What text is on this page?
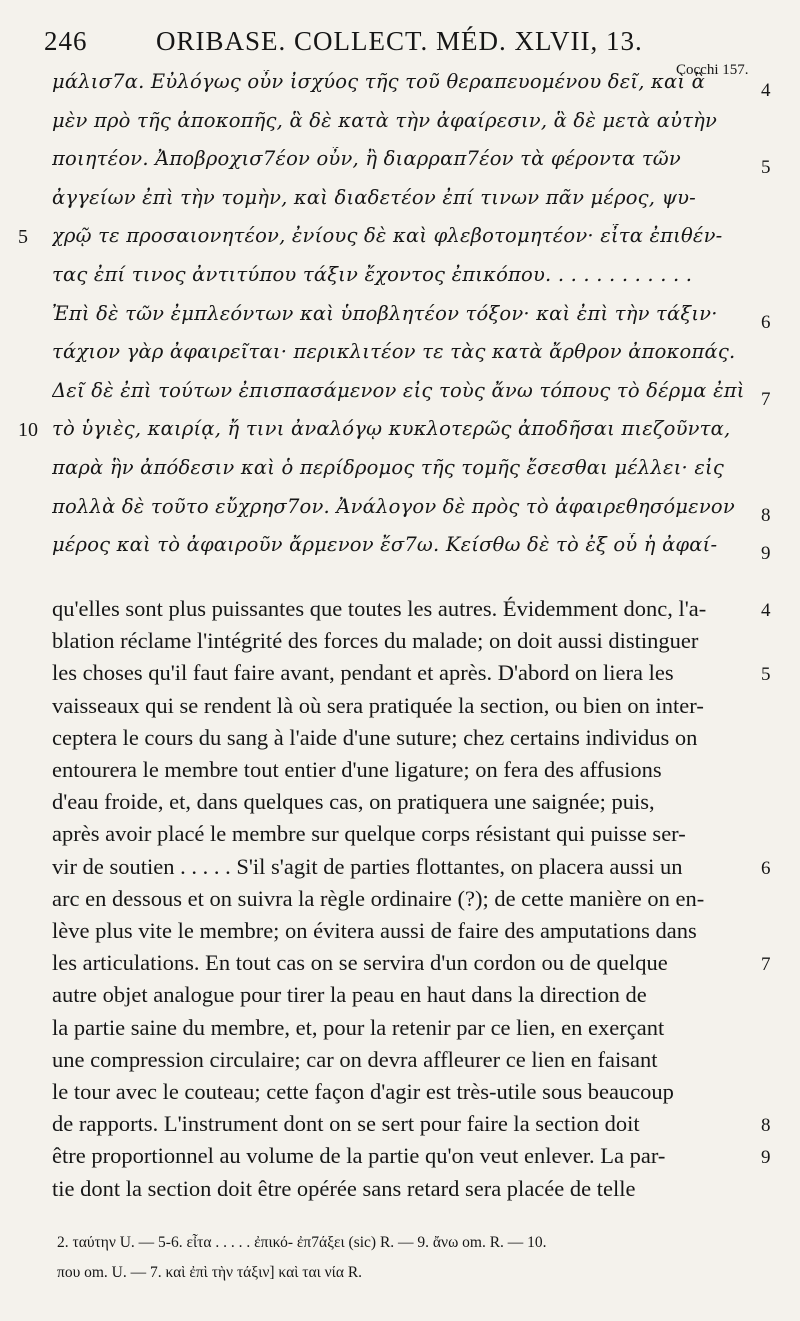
246	ORIBASE. COLLECT. MÉD. XLVII, 13.
Cocchi 157.
μάλισ7α. Εὐλόγως οὖν ἰσχύος τῆς τοῦ θεραπευομένου δεῖ, καὶ ἃ
μὲν πρὸ τῆς ἀποκοπῆς, ἃ δὲ κατὰ τὴν ἀφαίρεσιν, ἃ δὲ μετὰ αὐτὴν
ποιητέον. Ἀποβροχισ7έον οὖν, ἢ διαρραπ7έον τὰ φέροντα τῶν
ἀγγείων ἐπὶ τὴν τομὴν, καὶ διαδετέον ἐπί τινων πᾶν μέρος, ψυ-
χρῷ τε προσαιονητέον, ἐνίους δὲ καὶ φλεβοτομητέον· εἶτα ἐπιθέν-
τας ἐπί τινος ἀντιτύπου τάξιν ἔχοντος ἐπικόπου. . . . . . . . . . . .
Ἐπὶ δὲ τῶν ἐμπλεόντων καὶ ὑποβλητέον τόξον· καὶ ἐπὶ τὴν τάξιν·
τάχιον γὰρ ἀφαιρεῖται· περικλιτέον τε τὰς κατὰ ἄρθρον ἀποκοπάς.
Δεῖ δὲ ἐπὶ τούτων ἐπισπασάμενον εἰς τοὺς ἄνω τόπους τὸ δέρμα ἐπὶ
τὸ ὑγιὲς, καιρίᾳ, ἤ τινι ἀναλόγῳ κυκλοτερῶς ἀποδῆσαι πιεζοῦντα,
παρὰ ἣν ἀπόδεσιν καὶ ὁ περίδρομος τῆς τομῆς ἔσεσθαι μέλλει· εἰς
πολλὰ δὲ τοῦτο εὔχρησ7ον. Ἀνάλογον δὲ πρὸς τὸ ἀφαιρεθησόμενον
μέρος καὶ τὸ ἀφαιροῦν ἄρμενον ἔσ7ω. Κείσθω δὲ τὸ ἐξ οὗ ἡ ἀφαί-
5
10
4
5
6
7
8
9
qu'elles sont plus puissantes que toutes les autres. Évidemment donc, l'a-
blation réclame l'intégrité des forces du malade; on doit aussi distinguer
les choses qu'il faut faire avant, pendant et après. D'abord on liera les
vaisseaux qui se rendent là où sera pratiquée la section, ou bien on inter-
ceptera le cours du sang à l'aide d'une suture; chez certains individus on
entourera le membre tout entier d'une ligature; on fera des affusions
d'eau froide, et, dans quelques cas, on pratiquera une saignée; puis,
après avoir placé le membre sur quelque corps résistant qui puisse ser-
vir de soutien . . . . . S'il s'agit de parties flottantes, on placera aussi un
arc en dessous et on suivra la règle ordinaire (?); de cette manière on en-
lève plus vite le membre; on évitera aussi de faire des amputations dans
les articulations. En tout cas on se servira d'un cordon ou de quelque
autre objet analogue pour tirer la peau en haut dans la direction de
la partie saine du membre, et, pour la retenir par ce lien, en exerçant
une compression circulaire; car on devra affleurer ce lien en faisant
le tour avec le couteau; cette façon d'agir est très-utile sous beaucoup
de rapports. L'instrument dont on se sert pour faire la section doit
être proportionnel au volume de la partie qu'on veut enlever. La par-
tie dont la section doit être opérée sans retard sera placée de telle
4
5
6
7
8
9
2. ταύτην U. — 5-6. εἶτα . . . . . ἐπικό- ἐπ7άξει (sic) R. — 9. ἄνω om. R. — 10.
που om. U. — 7. καὶ ἐπὶ τὴν τάξιν] καὶ ται νία R.
